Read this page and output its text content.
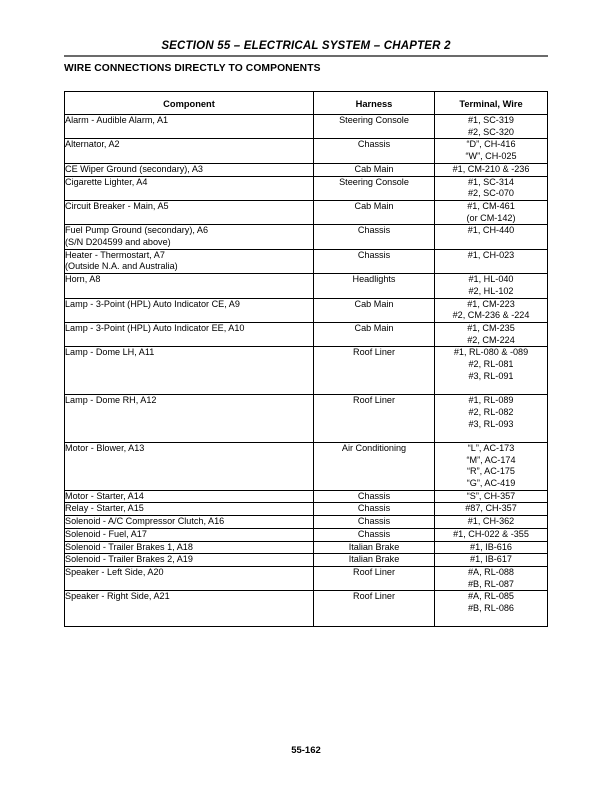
SECTION 55 – ELECTRICAL SYSTEM – CHAPTER 2
WIRE CONNECTIONS DIRECTLY TO COMPONENTS
Component	Harness	Terminal, Wire

Alarm - Audible Alarm, A1	Steering Console	#1, SC-319
#2, SC-320

Alternator, A2	Chassis	“D”, CH-416
“W”, CH-025

CE Wiper Ground (secondary), A3	Cab Main	#1, CM-210 & -236

Cigarette Lighter, A4	Steering Console	#1, SC-314
#2, SC-070

Circuit Breaker - Main, A5	Cab Main	#1, CM-461
(or CM-142)

Fuel Pump Ground (secondary), A6
(S/N D204599 and above)	Chassis	#1, CH-440

Heater - Thermostart, A7
(Outside N.A. and Australia)	Chassis	#1, CH-023

Horn, A8	Headlights	#1, HL-040
#2, HL-102

Lamp - 3-Point (HPL) Auto Indicator CE, A9	Cab Main	#1, CM-223
#2, CM-236 & -224

Lamp - 3-Point (HPL) Auto Indicator EE, A10	Cab Main	#1, CM-235
#2, CM-224

Lamp - Dome LH, A11	Roof Liner	#1, RL-080 & -089
#2, RL-081
#3, RL-091

Lamp - Dome RH, A12	Roof Liner	#1, RL-089
#2, RL-082
#3, RL-093

Motor - Blower, A13	Air Conditioning	“L”, AC-173
“M”, AC-174
“R”, AC-175
“G”, AC-419

Motor - Starter, A14	Chassis	“S”, CH-357

Relay - Starter, A15	Chassis	#87, CH-357

Solenoid - A/C Compressor Clutch, A16	Chassis	#1, CH-362

Solenoid - Fuel, A17	Chassis	#1, CH-022 & -355

Solenoid - Trailer Brakes 1, A18	Italian Brake	#1, IB-616

Solenoid - Trailer Brakes 2, A19	Italian Brake	#1, IB-617

Speaker - Left Side, A20	Roof Liner	#A, RL-088
#B, RL-087

Speaker - Right Side, A21	Roof Liner	#A, RL-085
#B, RL-086
55-162
